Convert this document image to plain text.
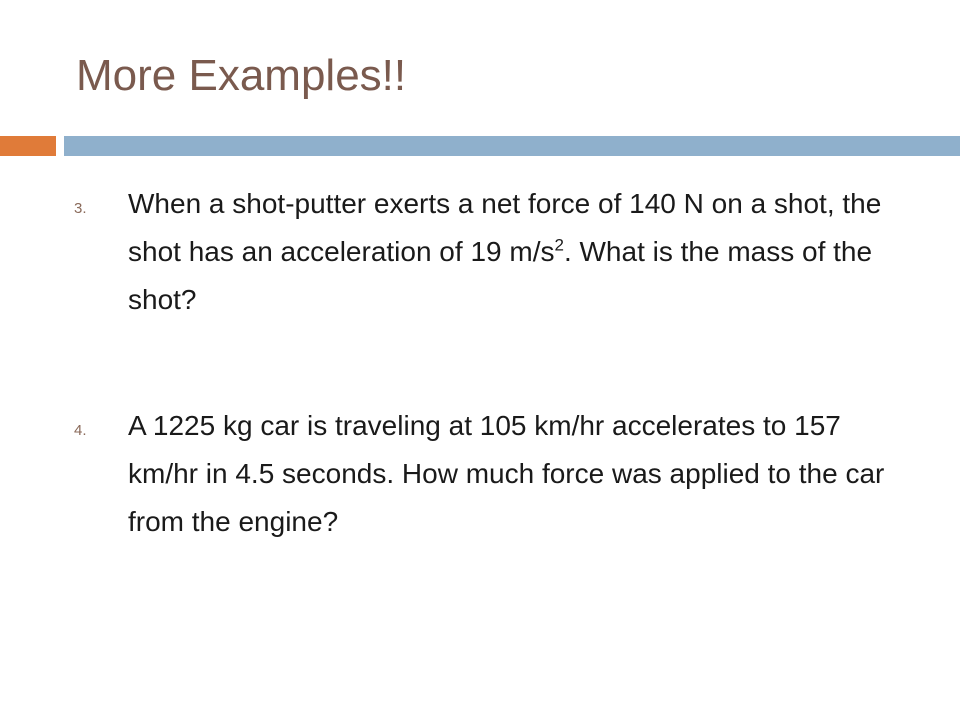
More Examples!!
3. When a shot-putter exerts a net force of 140 N on a shot, the shot has an acceleration of 19 $m/s^2$. What is the mass of the shot?
4. A 1225 kg car is traveling at 105 km/hr accelerates to 157 km/hr in 4.5 seconds. How much force was applied to the car from the engine?
